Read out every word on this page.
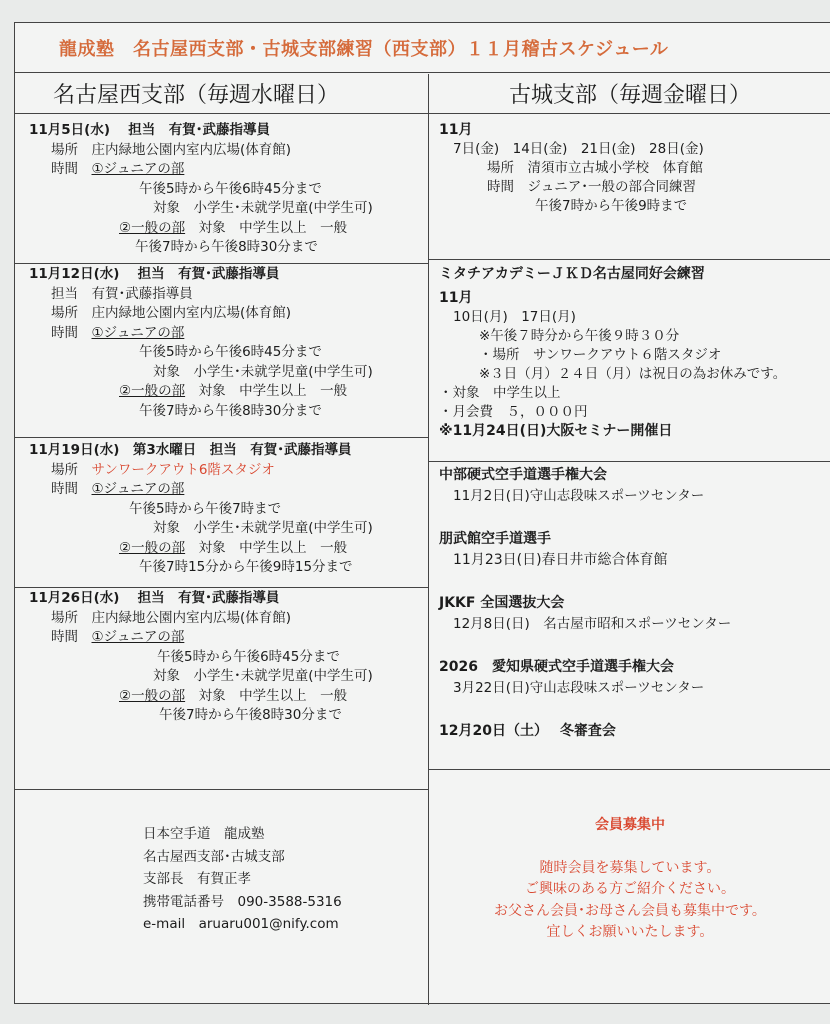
龍成塾　名古屋西支部・古城支部練習（西支部）１１月稽古スケジュール
名古屋西支部（毎週水曜日）	古城支部（毎週金曜日）
11月5日(水)　 担当　有賀･武藤指導員
場所　 庄内緑地公園内室内広場(体育館)
時間　 ①ジュニアの部
午後5時から午後6時45分まで
対象　小学生･未就学児童(中学生可)
②一般の部　 対象　中学生以上　一般
午後7時から午後8時30分まで
11月12日(水)　 担当　有賀･武藤指導員
担当　有賀･武藤指導員
場所　 庄内緑地公園内室内広場(体育館)
時間　 ①ジュニアの部
午後5時から午後6時45分まで
対象　小学生･未就学児童(中学生可)
②一般の部　 対象　中学生以上　一般
午後7時から午後8時30分まで
11月19日(水)　第3水曜日　担当　有賀･武藤指導員
場所　 サンワークアウト6階スタジオ
時間　 ①ジュニアの部
午後5時から午後7時まで
対象　小学生･未就学児童(中学生可)
②一般の部　 対象　中学生以上　一般
午後7時15分から午後9時15分まで
11月26日(水)　 担当　有賀･武藤指導員
場所　 庄内緑地公園内室内広場(体育館)
時間　 ①ジュニアの部
午後5時から午後6時45分まで
対象　小学生･未就学児童(中学生可)
②一般の部　 対象　中学生以上　一般
午後7時から午後8時30分まで
日本空手道　龍成塾
名古屋西支部･古城支部
支部長　有賀正孝
携帯電話番号　090-3588-5316
e-mail　aruaru001@nify.com
11月
7日(金)　14日(金)　21日(金)　28日(金)
場所　清須市立古城小学校　体育館
時間　ジュニア･一般の部合同練習
午後7時から午後9時まで
ミタチアカデミーＪＫＤ名古屋同好会練習
11月
10日(月)　17日(月)
※午後７時分から午後９時３０分
・場所　サンワークアウト６階スタジオ
※３日（月）２４日（月）は祝日の為お休みです。
・対象　中学生以上
・月会費　５，０００円
※11月24日(日)大阪セミナー開催日
中部硬式空手道選手権大会
11月2日(日)守山志段味スポーツセンター
朋武館空手道選手
11月23日(日)春日井市総合体育館
JKKF 全国選抜大会
12月8日(日)　名古屋市昭和スポーツセンター
2026　愛知県硬式空手道選手権大会
3月22日(日)守山志段味スポーツセンター
12月20日（土）　 冬審査会
会員募集中
随時会員を募集しています。
ご興味のある方ご紹介ください。
お父さん会員･お母さん会員も募集中です。
宜しくお願いいたします。
